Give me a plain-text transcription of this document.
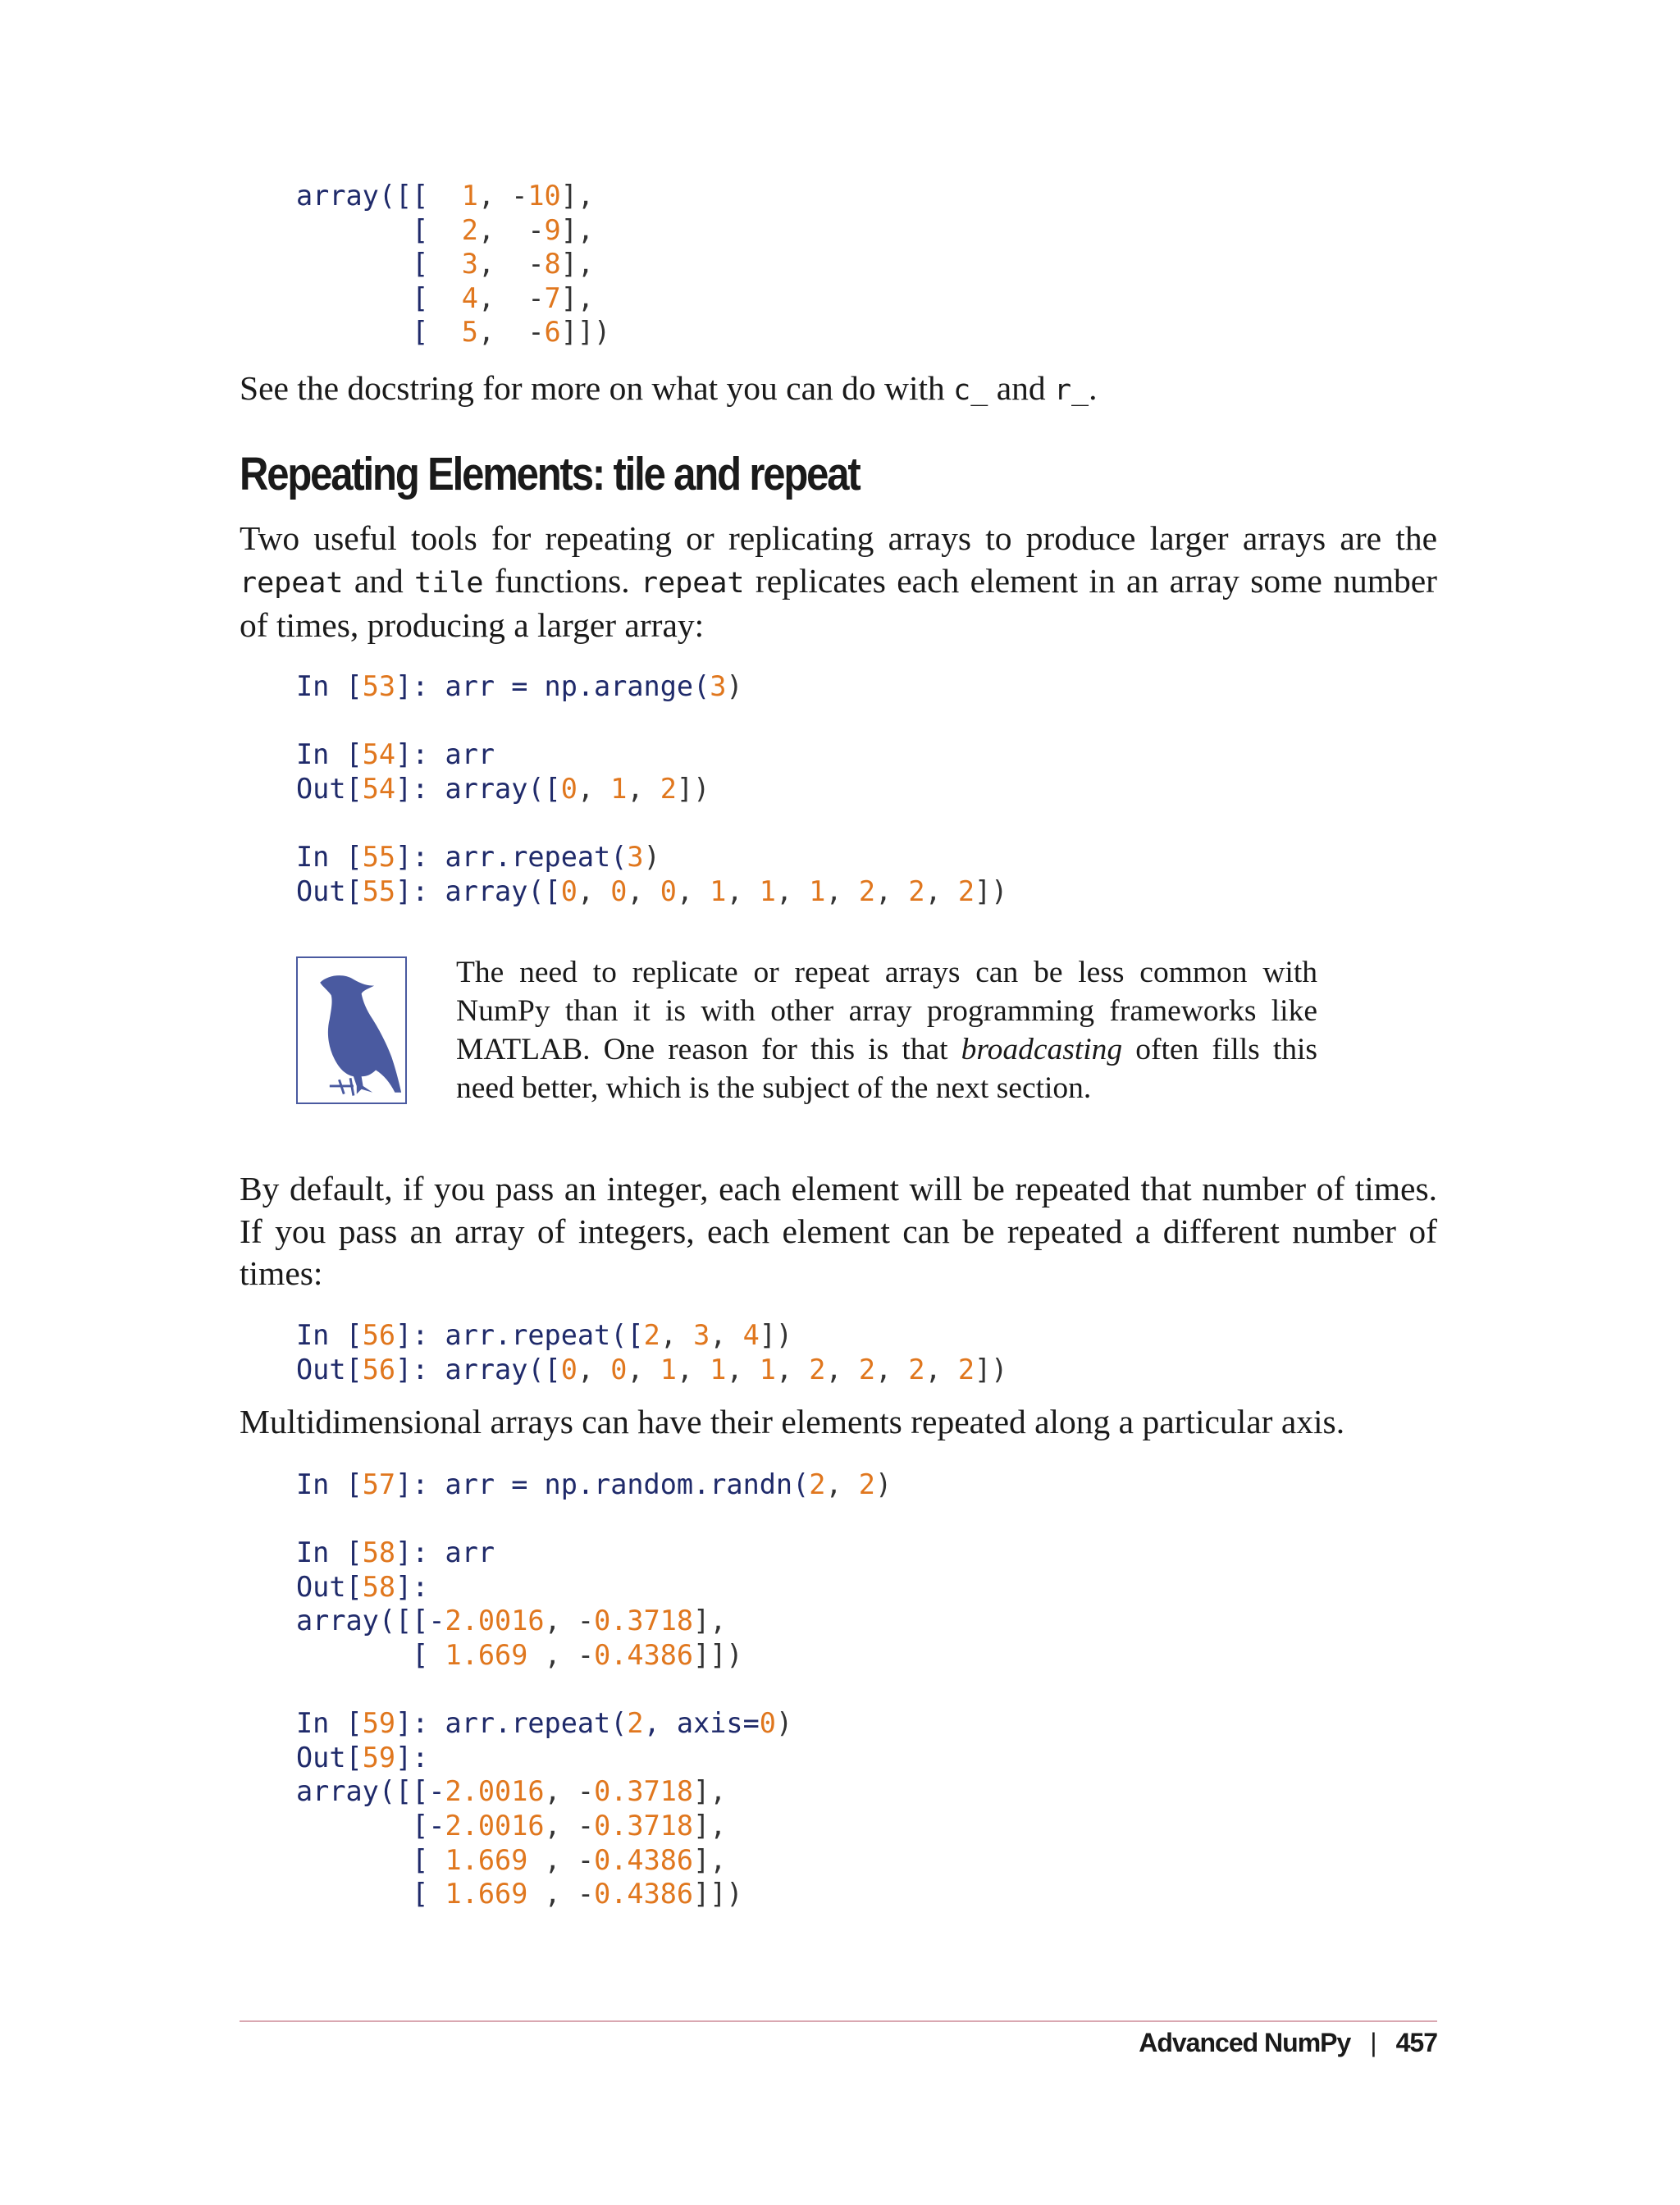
array([[  1, -10],
[  2,  -9],
[  3,  -8],
[  4,  -7],
[  5,  -6]])

See the docstring for more on what you can do with c_ and r_.

Repeating Elements: tile and repeat

Two useful tools for repeating or replicating arrays to produce larger arrays are the repeat and tile functions. repeat replicates each element in an array some number of times, producing a larger array:

In [53]: arr = np.arange(3)

In [54]: arr
Out[54]: array([0, 1, 2])

In [55]: arr.repeat(3)
Out[55]: array([0, 0, 0, 1, 1, 1, 2, 2, 2])

The need to replicate or repeat arrays can be less common with NumPy than it is with other array programming frameworks like MATLAB. One reason for this is that broadcasting often fills this need better, which is the subject of the next section.

By default, if you pass an integer, each element will be repeated that number of times. If you pass an array of integers, each element can be repeated a different number of times:

In [56]: arr.repeat([2, 3, 4])
Out[56]: array([0, 0, 1, 1, 1, 2, 2, 2, 2])

Multidimensional arrays can have their elements repeated along a particular axis.

In [57]: arr = np.random.randn(2, 2)

In [58]: arr
Out[58]:
array([[-2.0016, -0.3718],
[ 1.669 , -0.4386]])

In [59]: arr.repeat(2, axis=0)
Out[59]:
array([[-2.0016, -0.3718],
[-2.0016, -0.3718],
[ 1.669 , -0.4386],
[ 1.669 , -0.4386]])
Advanced NumPy | 457
